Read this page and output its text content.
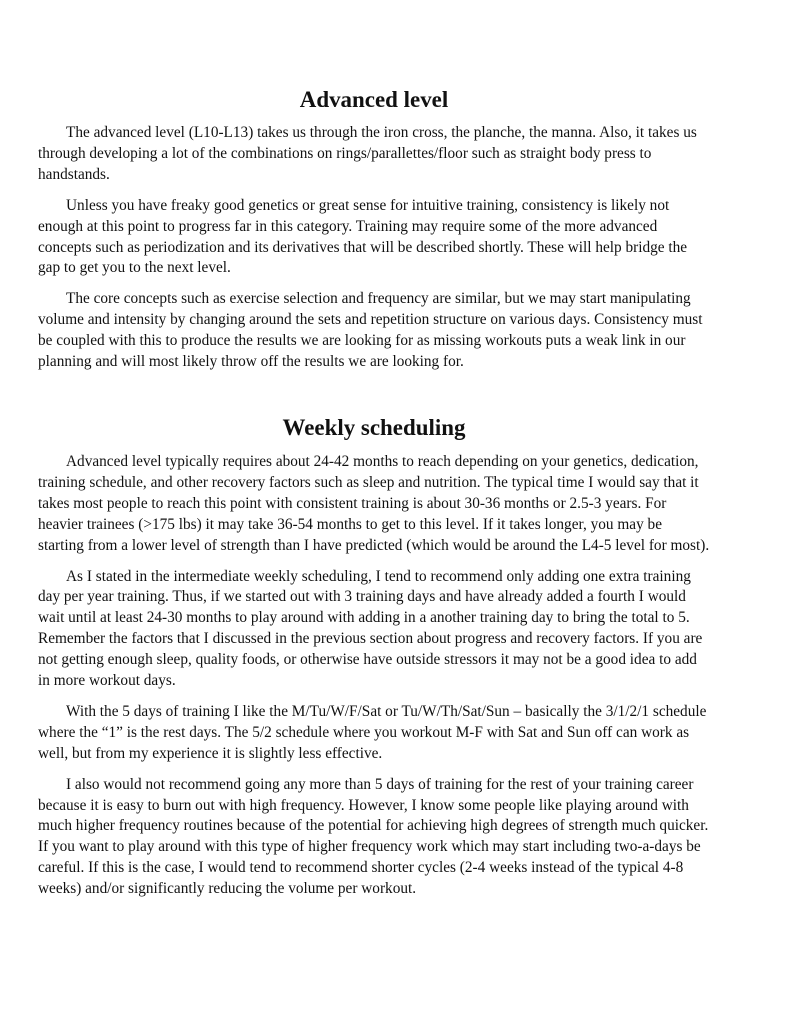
Advanced level

The advanced level (L10-L13) takes us through the iron cross, the planche, the manna. Also, it takes us through developing a lot of the combinations on rings/parallettes/floor such as straight body press to handstands.

Unless you have freaky good genetics or great sense for intuitive training, consistency is likely not enough at this point to progress far in this category. Training may require some of the more advanced concepts such as periodization and its derivatives that will be described shortly. These will help bridge the gap to get you to the next level.

The core concepts such as exercise selection and frequency are similar, but we may start manipulating volume and intensity by changing around the sets and repetition structure on various days. Consistency must be coupled with this to produce the results we are looking for as missing workouts puts a weak link in our planning and will most likely throw off the results we are looking for.

Weekly scheduling

Advanced level typically requires about 24-42 months to reach depending on your genetics, dedication, training schedule, and other recovery factors such as sleep and nutrition. The typical time I would say that it takes most people to reach this point with consistent training is about 30-36 months or 2.5-3 years. For heavier trainees (>175 lbs) it may take 36-54 months to get to this level. If it takes longer, you may be starting from a lower level of strength than I have predicted (which would be around the L4-5 level for most).

As I stated in the intermediate weekly scheduling, I tend to recommend only adding one extra training day per year training. Thus, if we started out with 3 training days and have already added a fourth I would wait until at least 24-30 months to play around with adding in a another training day to bring the total to 5. Remember the factors that I discussed in the previous section about progress and recovery factors. If you are not getting enough sleep, quality foods, or otherwise have outside stressors it may not be a good idea to add in more workout days.

With the 5 days of training I like the M/Tu/W/F/Sat or Tu/W/Th/Sat/Sun – basically the 3/1/2/1 schedule where the “1” is the rest days. The 5/2 schedule where you workout M-F with Sat and Sun off can work as well, but from my experience it is slightly less effective.

I also would not recommend going any more than 5 days of training for the rest of your training career because it is easy to burn out with high frequency. However, I know some people like playing around with much higher frequency routines because of the potential for achieving high degrees of strength much quicker. If you want to play around with this type of higher frequency work which may start including two-a-days be careful. If this is the case, I would tend to recommend shorter cycles (2-4 weeks instead of the typical 4-8 weeks) and/or significantly reducing the volume per workout.
